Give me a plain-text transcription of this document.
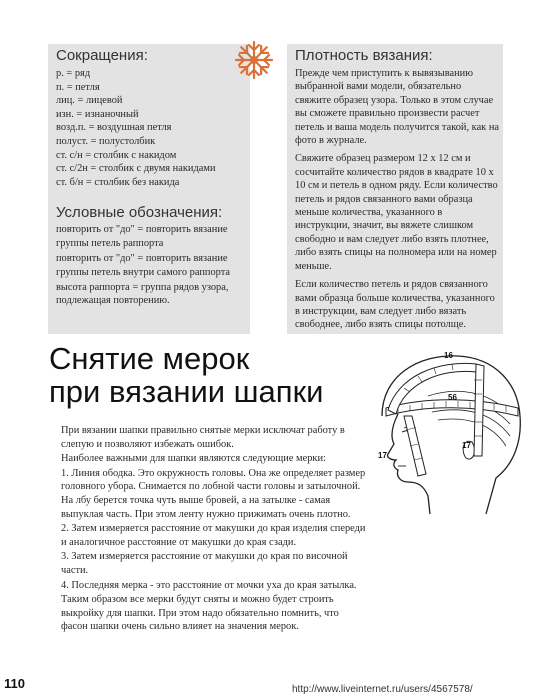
Сокращения:
р. = ряд
п. = петля
лиц. = лицевой
изн. = изнаночный
возд.п. = воздушная петля
полуст. = полустолбик
ст. с/н = столбик с накидом
ст. с/2н = столбик с двумя накидами
ст. б/н = столбик без накида
Условные обозначения:
повторить от "до" = повторить вязание группы петель раппорта
повторить от "до" = повторить вязание группы петель внутри самого раппорта
высота раппорта = группа рядов узора, подлежащая повторению.
Плотность вязания:
Прежде чем приступить к вывязыванию выбранной вами модели, обязательно свяжите образец узора. Только в этом случае вы сможете правильно произвести расчет петель и ваша модель получится такой, как на фото в журнале.
Свяжите образец размером 12 х 12 см и сосчитайте количество рядов в квадрате 10 х 10 см и петель в одном ряду. Если количество петель и рядов связанного вами образца меньше количества, указанного в инструкции, значит, вы вяжете слишком свободно и вам следует либо взять плотнее, либо взять спицы на полномера или на номер меньше.
Если количество петель и рядов связанного вами образца больше количества, указанного в инструкции, вам следует либо вязать свободнее, либо взять спицы потолще.
Снятие мерок
при вязании шапки
16
56
17
17
При вязании шапки правильно снятые мерки исключат работу в слепую и позволяют избежать ошибок.
Наиболее важными для шапки являются следующие мерки:
1. Линия ободка. Это окружность головы. Она же определяет размер головного убора. Снимается по лобной части головы и затылочной. На лбу берется точка чуть выше бровей, а на затылке - самая выпуклая часть. При этом ленту нужно прижимать очень плотно.
2. Затем измеряется расстояние от макушки до края изделия спереди и аналогичное расстояние от макушки до края сзади.
3. Затем измеряется расстояние от макушки до края по височной части.
4. Последняя мерка - это расстояние от мочки уха до края затылка.
Таким образом все мерки будут сняты и можно будет строить выкройку для шапки. При этом надо обязательно помнить, что фасон шапки очень сильно влияет на значения мерок.
110	http://www.liveinternet.ru/users/4567578/
